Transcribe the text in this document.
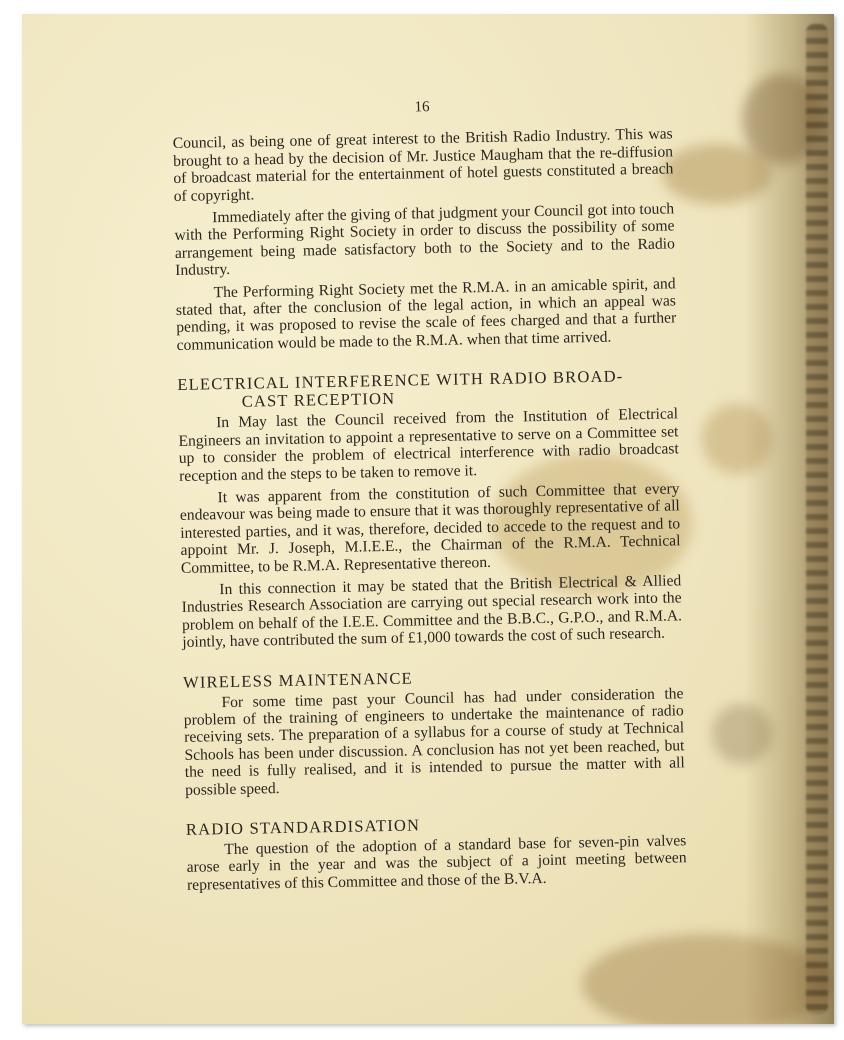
16

Council, as being one of great interest to the British Radio Industry. This was brought to a head by the decision of Mr. Justice Maugham that the re-diffusion of broadcast material for the entertainment of hotel guests constituted a breach of copyright.

Immediately after the giving of that judgment your Council got into touch with the Performing Right Society in order to discuss the possibility of some arrangement being made satisfactory both to the Society and to the Radio Industry.

The Performing Right Society met the R.M.A. in an amicable spirit, and stated that, after the conclusion of the legal action, in which an appeal was pending, it was proposed to revise the scale of fees charged and that a further communication would be made to the R.M.A. when that time arrived.

ELECTRICAL INTERFERENCE WITH RADIO BROAD-
CAST RECEPTION

In May last the Council received from the Institution of Electrical Engineers an invitation to appoint a representative to serve on a Committee set up to consider the problem of electrical interference with radio broadcast reception and the steps to be taken to remove it.

It was apparent from the constitution of such Committee that every endeavour was being made to ensure that it was thoroughly representative of all interested parties, and it was, therefore, decided to accede to the request and to appoint Mr. J. Joseph, M.I.E.E., the Chairman of the R.M.A. Technical Committee, to be R.M.A. Representative thereon.

In this connection it may be stated that the British Electrical & Allied Industries Research Association are carrying out special research work into the problem on behalf of the I.E.E. Committee and the B.B.C., G.P.O., and R.M.A. jointly, have contributed the sum of £1,000 towards the cost of such research.

WIRELESS MAINTENANCE

For some time past your Council has had under consideration the problem of the training of engineers to undertake the maintenance of radio receiving sets. The preparation of a syllabus for a course of study at Technical Schools has been under discussion. A conclusion has not yet been reached, but the need is fully realised, and it is intended to pursue the matter with all possible speed.

RADIO STANDARDISATION

The question of the adoption of a standard base for seven-pin valves arose early in the year and was the subject of a joint meeting between representatives of this Committee and those of the B.V.A.
